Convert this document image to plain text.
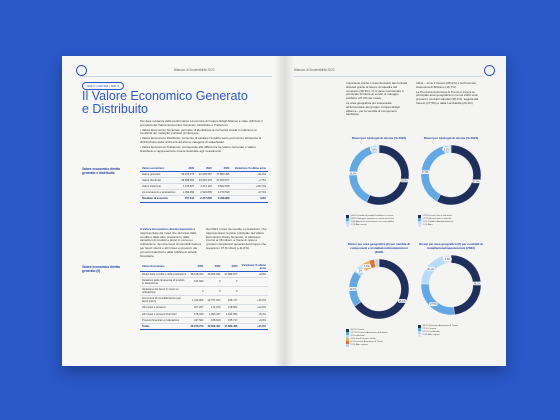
·	Bilancio di Sostenibilità 2022
GRI 2 | GRI 201 | GRI 3
Il Valore Economico Generato e Distribuito

Per dare evidenza della performance economica di Gruppo Edigit Alliance è stato utilizzato il prospetto del Valore Economico Generato, Distribuito e Trattenuto.

• Valore Economico Generato: permette di identificare la ricchezza creata in relazione ai contributi dei molteplici portatori di interesse.

• Valore Economico Distribuito: consente di valutare l'impatto socio-economico attraverso la distribuzione della ricchezza ad alcune categorie di stakeholder.

• Valore Economico Trattenuto: corrisponde alla differenza tra Valore Generato e Valore Distribuito e rappresenta le risorse destinate agli investimenti.

Valore economico diretto generato e distribuito
Valore economico	2021	2022	2023	Variazione % ultimo anno
Valore generato	39.975.273	42.906.497	47.883.495	+11,6%
Valore distribuito	38.838.666	40.693.379	37.990.677	+7,5%
Valore trattenuto	1.136.607	2.213.118	9.892.818	+347,0%
Ammortamenti e svalutazioni	1.399.993	2.520.899	2.070.530	-17,9%
Risultato di esercizio	-707.614	-2.277.809	2.498.968	3,8%

Il Valore Economico diretto Generato è rappresentato dai ricavi che derivano dalle vendite e dalle altre prestazioni, dalle variazioni di prodotti e lavori in corso su ordinazione, da incrementi di immobilizzazioni per lavori interni e altri ricavi e proventi, dai proventi finanziari e dalla rettifica di attività finanziarie.

Nel 2023 i ricavi da vendite e prestazioni, che rappresentano la parte principale del Valore Economico diretto Generato, si attestano intorno ai 38 milioni, a fronte di ricavi e proventi complessivi generati dal Gruppo che superano i 47,8 milioni (+11,6%).
Valore economico diretto generato (€)
Valore Economico	2021	2022	2023	Variazione % ultimo anno
Ricavi delle vendite e delle prestazioni	38.315.344	40.456.931	37.989.577	+8,8%
Variazioni delle rimanenze di prodotti in lavorazione	164.602	0	0	-
Variazione dei lavori in corso su ordinazione	0	0	0	-
Incrementi di immobilizzazioni per lavori interni	1.113.966	12.757.917	186.717	+16,0%
Altri ricavi e proventi	207.267	172.153	218.501	+22,0%
Altri ricavi e proventi finanziari	178.320	1.350.437	1.441.581	+6,3%
Proventi finanziari e rivalutazioni	437.504	108.649	155.747	+0,0%
Totale	39.975.273	42.906.497	47.883.495	+11,6%
Bilancio di Sostenibilità 2022	·

Importante anche i ricavi derivanti dai contratti stipulati grazie al lavoro di squadra del comparto (38.3%). Ci si deve menzionare il principale fornitore di servizi di noleggio pubblico (37.9% dei ricavi).

La area geografica più interessata all'ammontare del gruppo, Gruppo Edigit Alliance - per la vendita di componenti hardware.

Infine – sono il Veneto (65,2%) e la Provincia Autonoma di Bolzano (19,7%).

La Provincia Autonoma di Trento è invece la principale area geografica in cui nel 2023 sono presenti i contratti stipulati (48,1%), seguita dal Veneto (27,5%) e dalla Lombardia (20,1%).

Ricavi per tipologia di cliente (% 2022)
56,8%
38,3%
3,8%
56,8% Vendita di prodotti hardware e servizi
38,3% Noleggio operativo e servizi accessori
3,8% Attività in convenzione con enti pubblici
1,1% Altri servizi
Ricavi per tipologia di cliente (% 2023)
57,8%
37,9%
3,2%
57,8% Privati, Enti e Istituzioni
37,9% Associazioni e aziende
3,2% Pubblica Amministrazione
1,1% Altro
Ricavi per area geografica (€) per vendite di componenti e installazioni/manutenzioni (2023)
65,2%
19,7%
5%
4,6%
65,2% Veneto
19,7% Provincia Autonoma di Bolzano
5% Lombardia
4,6% Friuli-Venezia Giulia
3% Provincia Autonoma di Trento
2,5% Altre regioni
Ricavi per area geografica (€) per contratti di installazione/manutenzioni (2023)
48,1%
27,5%
20,1%
4,3%
48,1% Provincia Autonoma di Trento
27,5% Veneto
20,1% Lombardia
4,3% Altre regioni
